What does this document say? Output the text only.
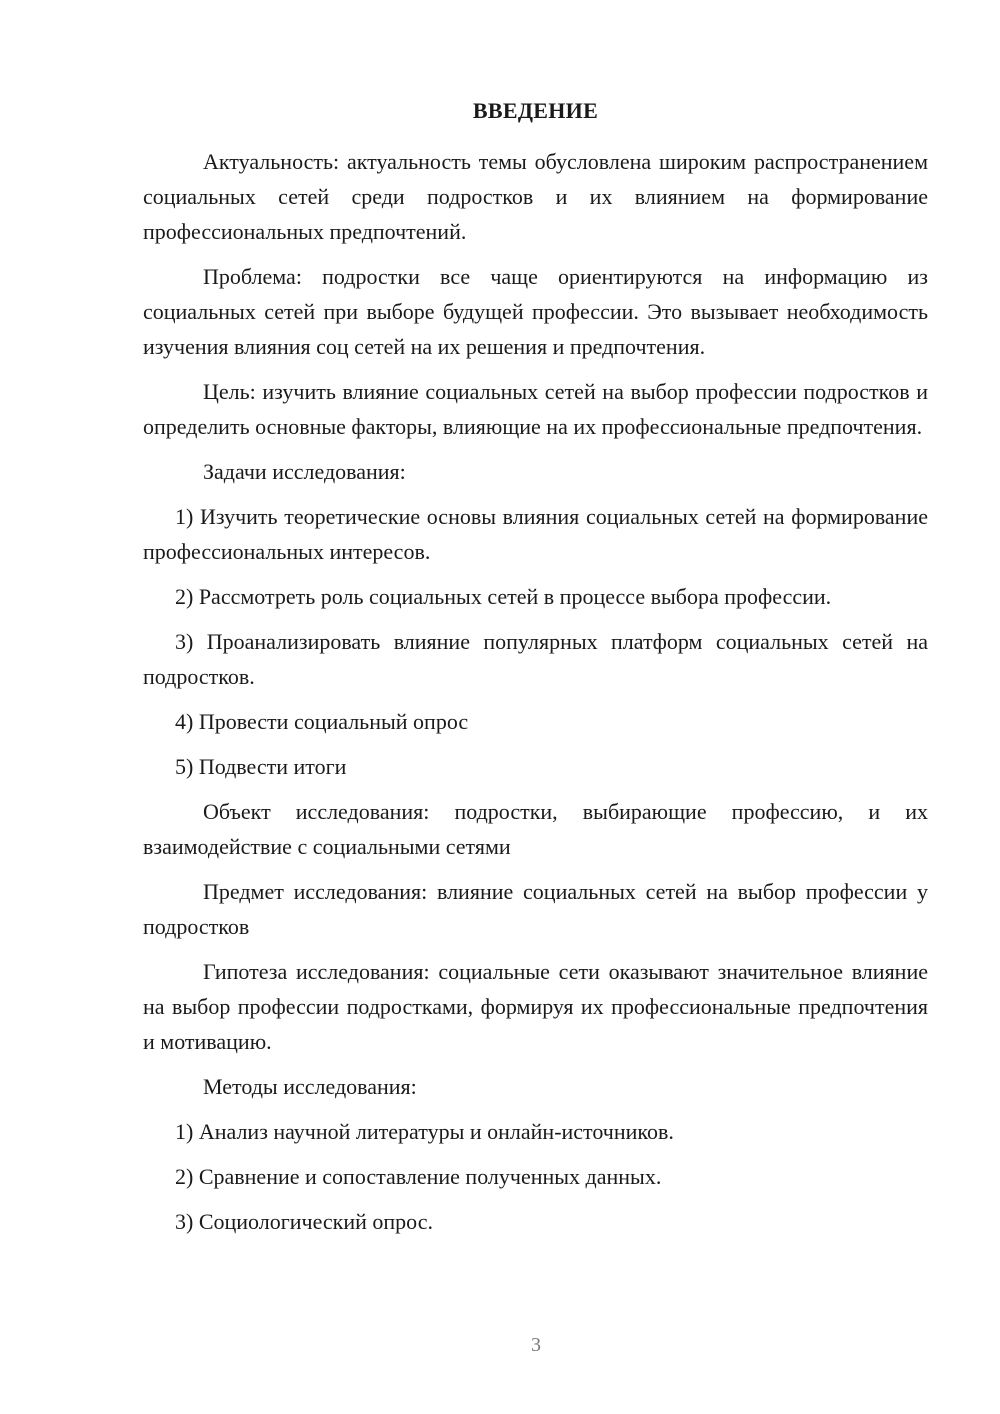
ВВЕДЕНИЕ

Актуальность: актуальность темы обусловлена широким распространением социальных сетей среди подростков и их влиянием на формирование профессиональных предпочтений.

Проблема: подростки все чаще ориентируются на информацию из социальных сетей при выборе будущей профессии. Это вызывает необходимость изучения влияния соц сетей на их решения и предпочтения.

Цель: изучить влияние социальных сетей на выбор профессии подростков и определить основные факторы, влияющие на их профессиональные предпочтения.

Задачи исследования:

1) Изучить теоретические основы влияния социальных сетей на формирование профессиональных интересов.

2) Рассмотреть роль социальных сетей в процессе выбора профессии.

3) Проанализировать влияние популярных платформ социальных сетей на подростков.

4) Провести социальный опрос

5) Подвести итоги

Объект исследования: подростки, выбирающие профессию, и их взаимодействие с социальными сетями

Предмет исследования: влияние социальных сетей на выбор профессии у подростков

Гипотеза исследования: социальные сети оказывают значительное влияние на выбор профессии подростками, формируя их профессиональные предпочтения и мотивацию.

Методы исследования:

1) Анализ научной литературы и онлайн-источников.

2) Сравнение и сопоставление полученных данных.

3) Социологический опрос.

3
